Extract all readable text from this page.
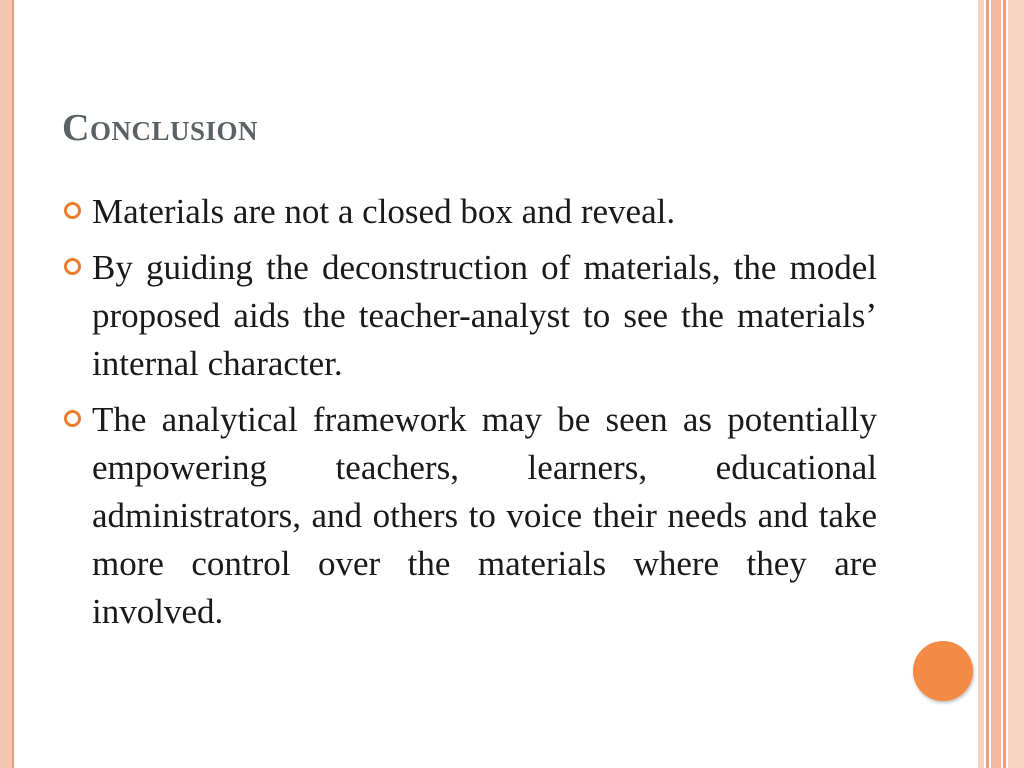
Conclusion
Materials are not a closed box and reveal.
By guiding the deconstruction of materials, the model proposed aids the teacher-analyst to see the materials’ internal character.
The analytical framework may be seen as potentially empowering teachers, learners, educational administrators, and others to voice their needs and take more control over the materials where they are involved.
